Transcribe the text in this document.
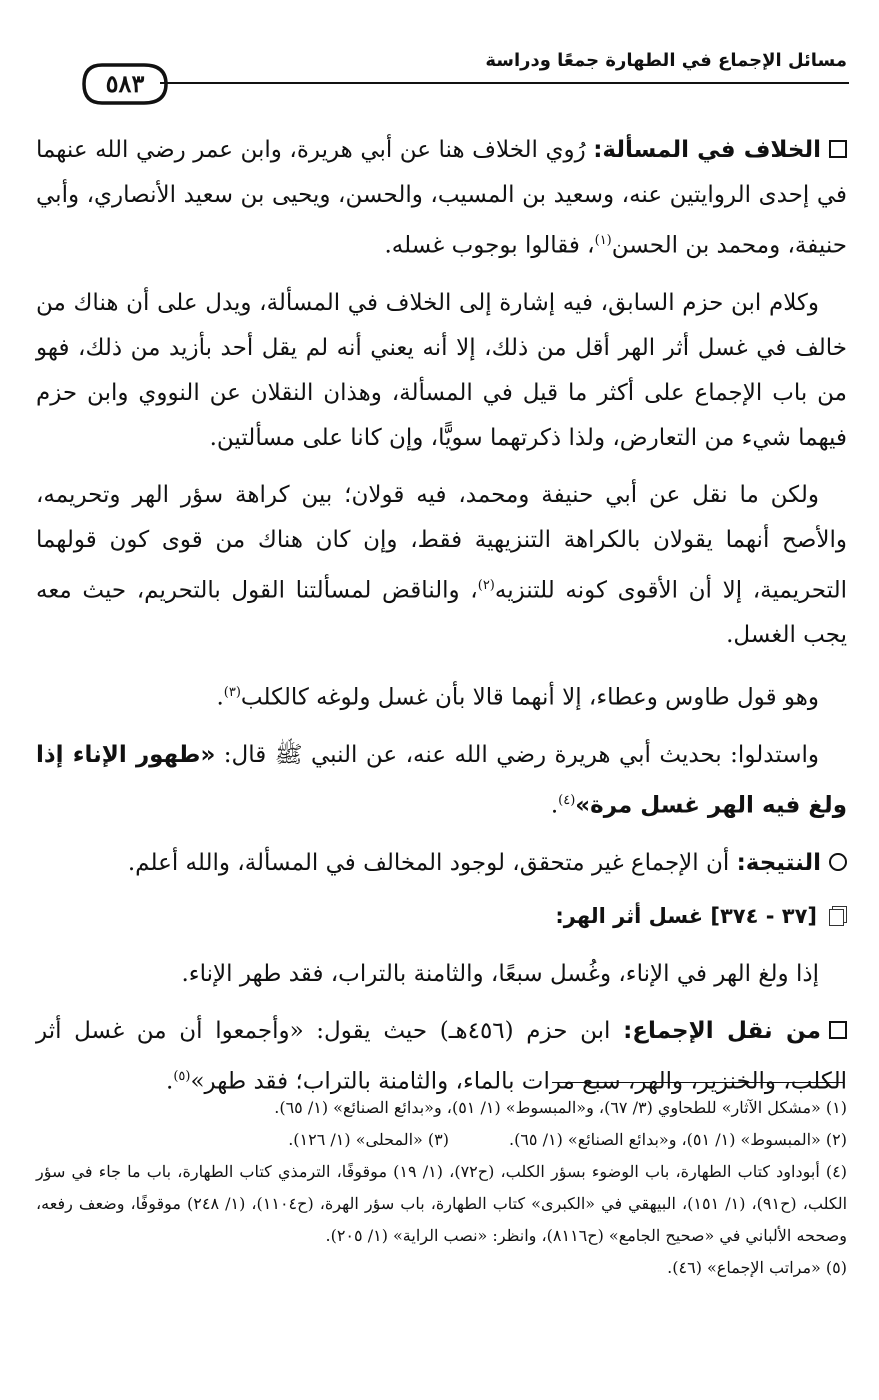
مسائل الإجماع في الطهارة جمعًا ودراسة
٥٨٣

الخلاف في المسألة: رُوي الخلاف هنا عن أبي هريرة، وابن عمر رضي الله عنهما في إحدى الروايتين عنه، وسعيد بن المسيب، والحسن، ويحيى بن سعيد الأنصاري، وأبي حنيفة، ومحمد بن الحسن$^{(١)}$، فقالوا بوجوب غسله.

وكلام ابن حزم السابق، فيه إشارة إلى الخلاف في المسألة، ويدل على أن هناك من خالف في غسل أثر الهر أقل من ذلك، إلا أنه يعني أنه لم يقل أحد بأزيد من ذلك، فهو من باب الإجماع على أكثر ما قيل في المسألة، وهذان النقلان عن النووي وابن حزم فيهما شيء من التعارض، ولذا ذكرتهما سويًّا، وإن كانا على مسألتين.

ولكن ما نقل عن أبي حنيفة ومحمد، فيه قولان؛ بين كراهة سؤر الهر وتحريمه، والأصح أنهما يقولان بالكراهة التنزيهية فقط، وإن كان هناك من قوى كون قولهما التحريمية، إلا أن الأقوى كونه للتنزيه$^{(٢)}$، والناقض لمسألتنا القول بالتحريم، حيث معه يجب الغسل.

وهو قول طاوس وعطاء، إلا أنهما قالا بأن غسل ولوغه كالكلب$^{(٣)}$.

واستدلوا: بحديث أبي هريرة رضي الله عنه، عن النبي ﷺ قال: «طهور الإناء إذا ولغ فيه الهر غسل مرة»$^{(٤)}$.

النتيجة: أن الإجماع غير متحقق، لوجود المخالف في المسألة، والله أعلم.

[٣٧ - ٣٧٤] غسل أثر الهر:

إذا ولغ الهر في الإناء، وغُسل سبعًا، والثامنة بالتراب، فقد طهر الإناء.

من نقل الإجماع: ابن حزم (٤٥٦هـ) حيث يقول: «وأجمعوا أن من غسل أثر الكلب، والخنزير، والهر، سبع مرات بالماء، والثامنة بالتراب؛ فقد طهر»$^{(٥)}$.

(١) «مشكل الآثار» للطحاوي (٣/ ٦٧)، و«المبسوط» (١/ ٥١)، و«بدائع الصنائع» (١/ ٦٥).

(٢) «المبسوط» (١/ ٥١)، و«بدائع الصنائع» (١/ ٦٥).(٣) «المحلى» (١/ ١٢٦).

(٤) أبوداود كتاب الطهارة، باب الوضوء بسؤر الكلب، (ح٧٢)، (١/ ١٩) موقوفًا، الترمذي كتاب الطهارة، باب ما جاء في سؤر الكلب، (ح٩١)، (١/ ١٥١)، البيهقي في «الكبرى» كتاب الطهارة، باب سؤر الهرة، (ح١١٠٤)، (١/ ٢٤٨) موقوفًا، وضعف رفعه، وصححه الألباني في «صحيح الجامع» (ح٨١١٦)، وانظر: «نصب الراية» (١/ ٢٠٥).

(٥) «مراتب الإجماع» (٤٦).
